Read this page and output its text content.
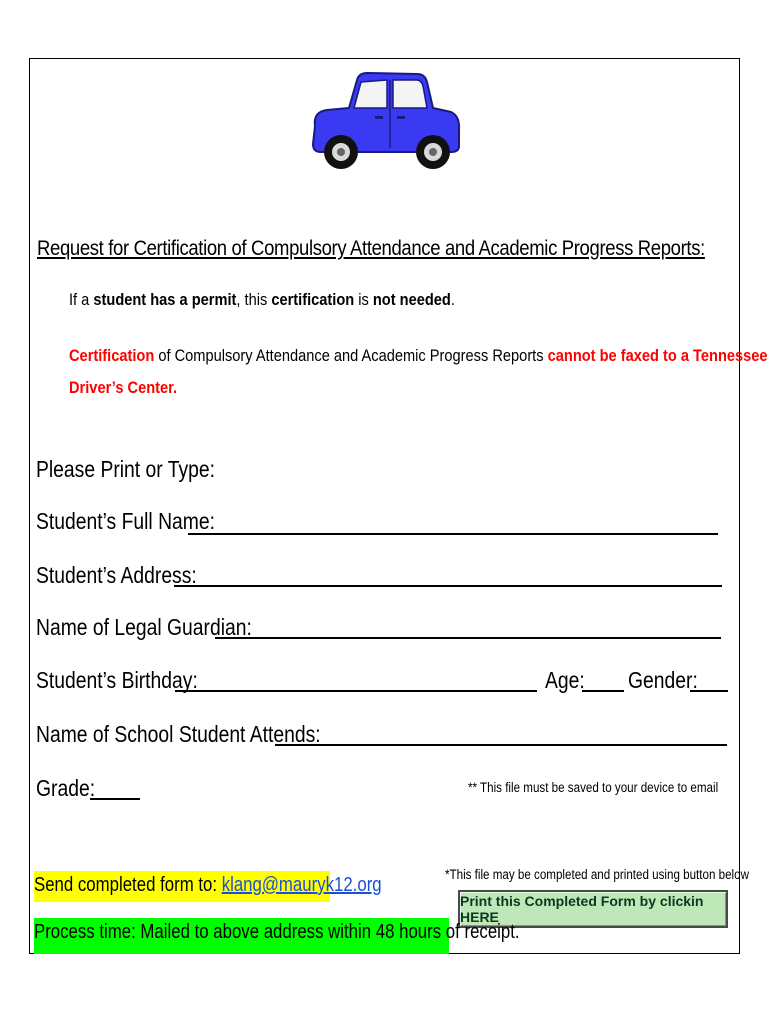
Request for Certification of Compulsory Attendance and Academic Progress Reports:
If a student has a permit, this certification is not needed.
Certification of Compulsory Attendance and Academic Progress Reports cannot be faxed to a Tennessee
Driver’s Center.
Please Print or Type:
Student’s Full Name:
Student’s Address:
Name of Legal Guardian:
Student’s Birthday:	Age: Gender:
Name of School Student Attends:
Grade:	** This file must be saved to your device to email
*This file may be completed and printed using button below
Send completed form to: klang@mauryk12.org
Print this Completed Form by clickin HERE
Process time: Mailed to above address within 48 hours of receipt.
